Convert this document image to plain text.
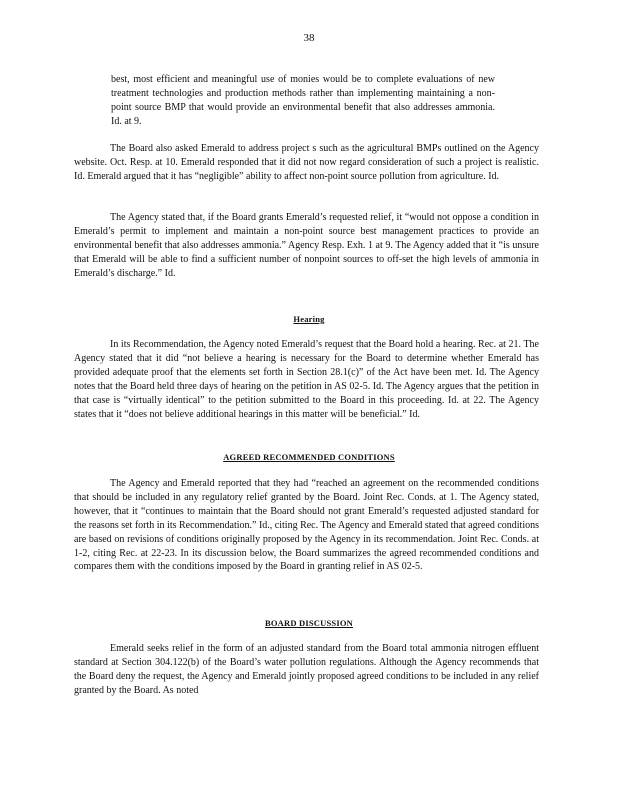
38

best, most efficient and meaningful use of monies would be to complete evaluations of new treatment technologies and production methods rather than implementing maintaining a non-point source BMP that would provide an environmental benefit that also addresses ammonia. Id. at 9.

The Board also asked Emerald to address project s such as the agricultural BMPs outlined on the Agency website. Oct. Resp. at 10. Emerald responded that it did not now regard consideration of such a project is realistic. Id. Emerald argued that it has “negligible” ability to affect non-point source pollution from agriculture. Id.

The Agency stated that, if the Board grants Emerald’s requested relief, it “would not oppose a condition in Emerald’s permit to implement and maintain a non-point source best management practices to provide an environmental benefit that also addresses ammonia.” Agency Resp. Exh. 1 at 9. The Agency added that it “is unsure that Emerald will be able to find a sufficient number of nonpoint sources to off-set the high levels of ammonia in Emerald’s discharge.” Id.

Hearing

In its Recommendation, the Agency noted Emerald’s request that the Board hold a hearing. Rec. at 21. The Agency stated that it did “not believe a hearing is necessary for the Board to determine whether Emerald has provided adequate proof that the elements set forth in Section 28.1(c)” of the Act have been met. Id. The Agency notes that the Board held three days of hearing on the petition in AS 02-5. Id. The Agency argues that the petition in that case is “virtually identical” to the petition submitted to the Board in this proceeding. Id. at 22. The Agency states that it “does not believe additional hearings in this matter will be beneficial.” Id.

AGREED RECOMMENDED CONDITIONS

The Agency and Emerald reported that they had “reached an agreement on the recommended conditions that should be included in any regulatory relief granted by the Board. Joint Rec. Conds. at 1. The Agency stated, however, that it “continues to maintain that the Board should not grant Emerald’s requested adjusted standard for the reasons set forth in its Recommendation.” Id., citing Rec. The Agency and Emerald stated that agreed conditions are based on revisions of conditions originally proposed by the Agency in its recommendation. Joint Rec. Conds. at 1-2, citing Rec. at 22-23. In its discussion below, the Board summarizes the agreed recommended conditions and compares them with the conditions imposed by the Board in granting relief in AS 02-5.

BOARD DISCUSSION

Emerald seeks relief in the form of an adjusted standard from the Board total ammonia nitrogen effluent standard at Section 304.122(b) of the Board’s water pollution regulations. Although the Agency recommends that the Board deny the request, the Agency and Emerald jointly proposed agreed conditions to be included in any relief granted by the Board. As noted
